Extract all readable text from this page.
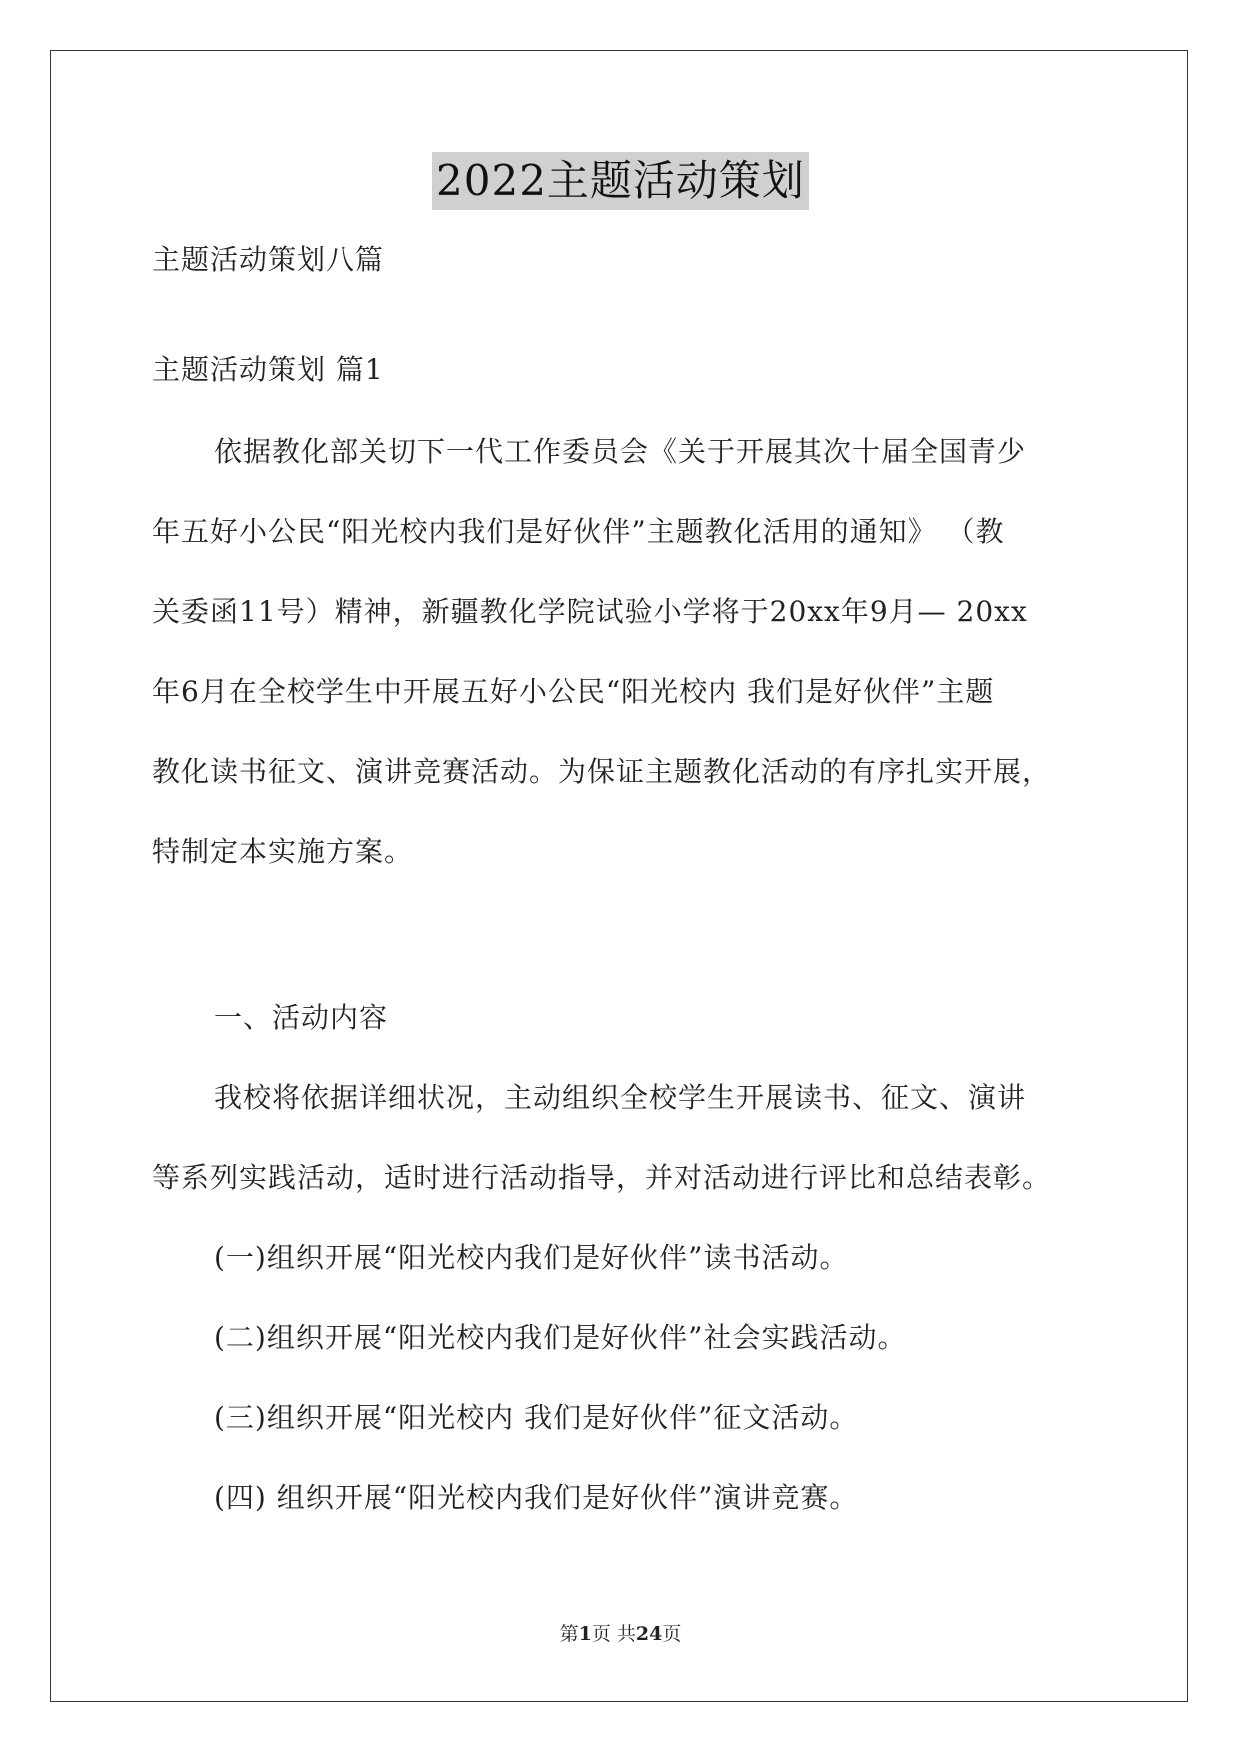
2022主题活动策划
主题活动策划八篇
主题活动策划 篇1
依据教化部关切下一代工作委员会《关于开展其次十届全国青少
年五好小公民“阳光校内我们是好伙伴”主题教化活用的通知》 （教
关委函11号）精神，新疆教化学院试验小学将于20xx年9月— 20xx
年6月在全校学生中开展五好小公民“阳光校内 我们是好伙伴”主题
教化读书征文、演讲竞赛活动。为保证主题教化活动的有序扎实开展，
特制定本实施方案。
一、活动内容
我校将依据详细状况，主动组织全校学生开展读书、征文、演讲
等系列实践活动，适时进行活动指导，并对活动进行评比和总结表彰。
(一)组织开展“阳光校内我们是好伙伴”读书活动。
(二)组织开展“阳光校内我们是好伙伴”社会实践活动。
(三)组织开展“阳光校内 我们是好伙伴”征文活动。
(四) 组织开展“阳光校内我们是好伙伴”演讲竞赛。
第1页 共24页
